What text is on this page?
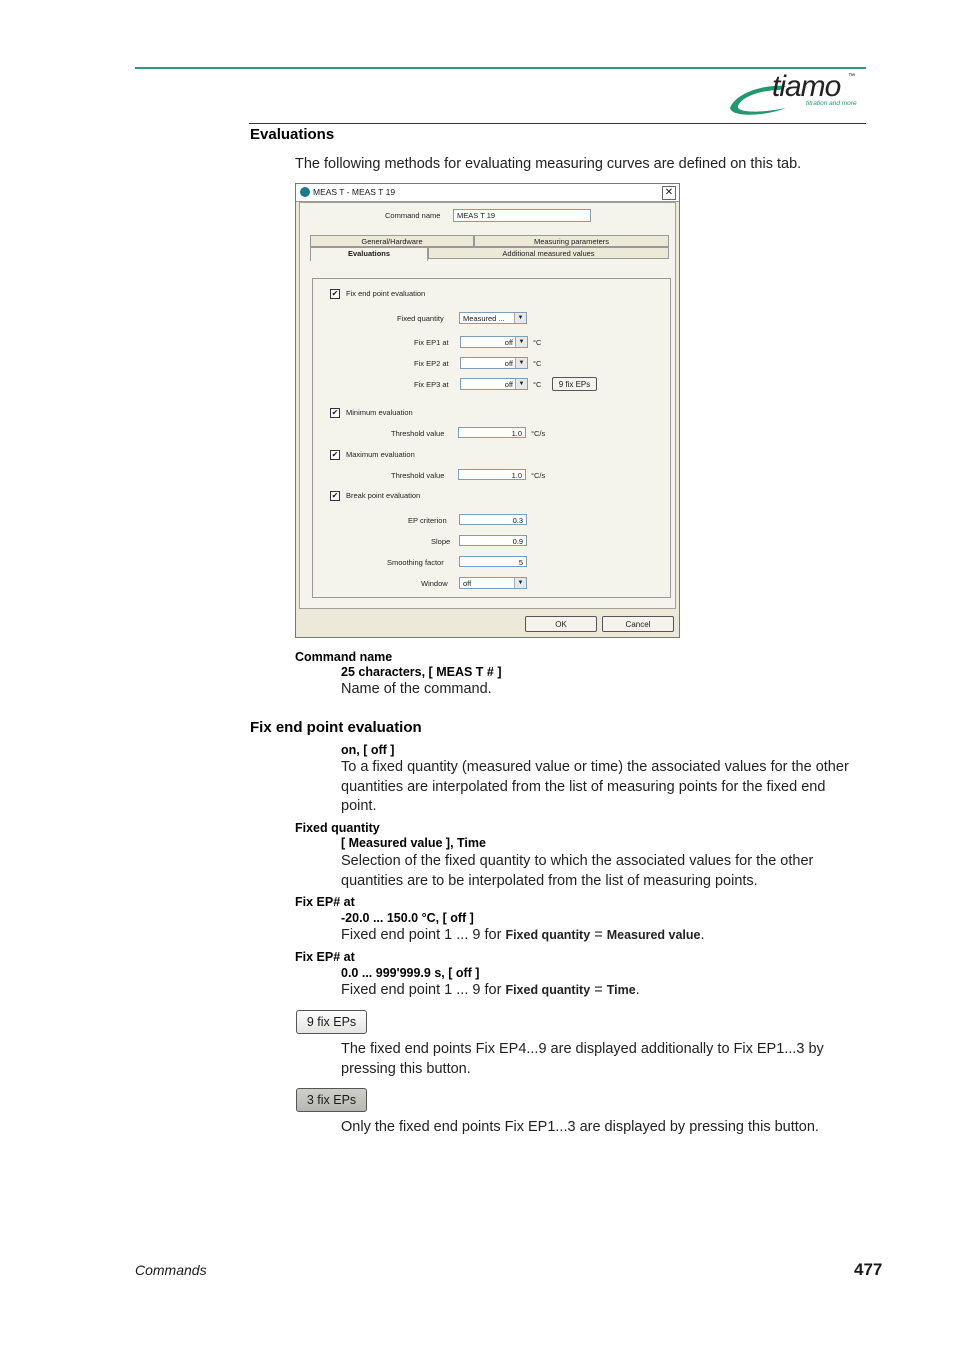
tiamo ™
titration and more
Evaluations
The following methods for evaluating measuring curves are defined on this tab.
MEAS T - MEAS T 19	✕
Command name	MEAS T 19
General/Hardware	Measuring parameters
Additional measured values
✔ Fix end point evaluation
Fixed quantity	Measured ...	▼
Fix EP1 at	off ▼	°C
Fix EP2 at	off ▼	°C
Fix EP3 at	off ▼	°C	9 fix EPs
✔ Minimum evaluation
Threshold value	1.0	°C/s
✔ Maximum evaluation
Threshold value	1.0	°C/s
✔ Break point evaluation
EP criterion	0.3
Slope	0.9
Smoothing factor	5
Window	off	▼
Evaluations
OK	Cancel
Command name
25 characters, [ MEAS T # ]
Name of the command.
Fix end point evaluation
on, [ off ]
To a fixed quantity (measured value or time) the associated values for the other quantities are interpolated from the list of measuring points for the fixed end point.
Fixed quantity
[ Measured value ], Time
Selection of the fixed quantity to which the associated values for the other quantities are to be interpolated from the list of measuring points.
Fix EP# at
-20.0 ... 150.0 °C, [ off ]
Fixed end point 1 ... 9 for Fixed quantity = Measured value.
Fix EP# at
0.0 ... 999'999.9 s, [ off ]
Fixed end point 1 ... 9 for Fixed quantity = Time.
9 fix EPs
The fixed end points Fix EP4...9 are displayed additionally to Fix EP1...3 by pressing this button.
3 fix EPs
Only the fixed end points Fix EP1...3 are displayed by pressing this button.
Commands	477
